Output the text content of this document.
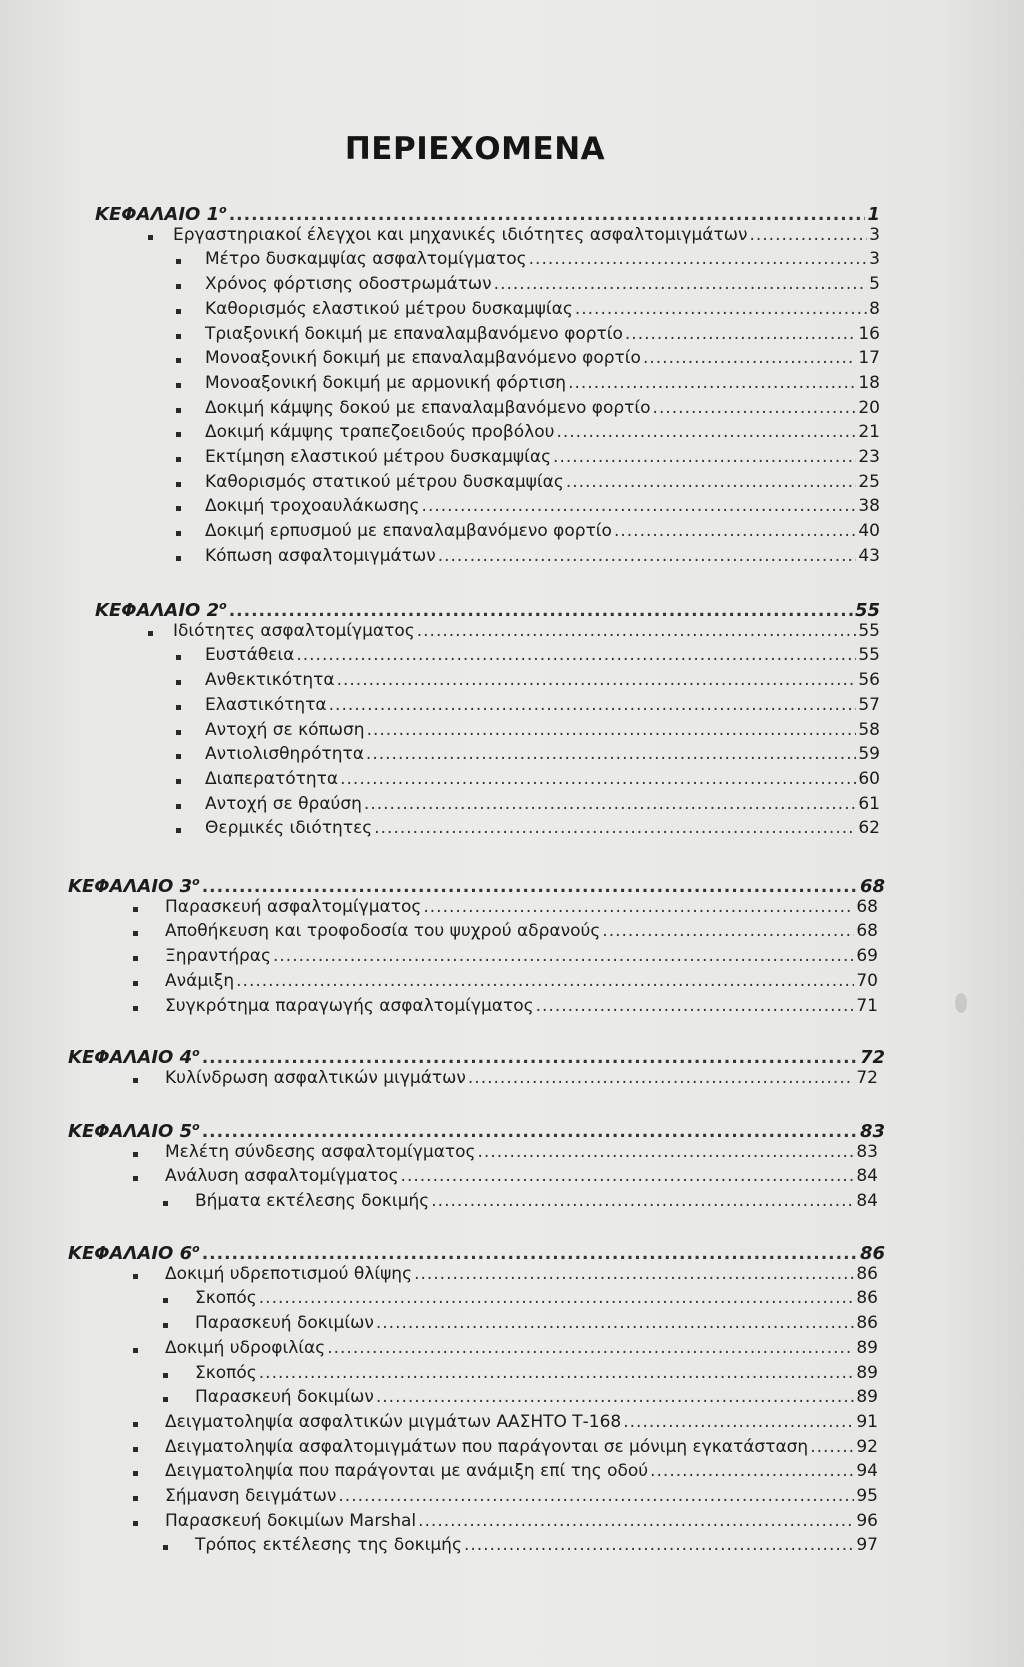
ΠΕΡΙΕΧΟΜΕΝΑ
ΚΕΦΑΛΑΙΟ $1^o$ .....	1
Εργαστηριακοί έλεγχοι και μηχανικές ιδιότητες ασφαλτομιγμάτων .....	3
Μέτρο δυσκαμψίας ασφαλτομίγματος .....	3
Χρόνος φόρτισης οδοστρωμάτων .....	5
Καθορισμός ελαστικού μέτρου δυσκαμψίας .....	8
Τριαξονική δοκιμή με επαναλαμβανόμενο φορτίο .....	16
Μονοαξονική δοκιμή με επαναλαμβανόμενο φορτίο .....	17
Μονοαξονική δοκιμή με αρμονική φόρτιση .....	18
Δοκιμή κάμψης δοκού με επαναλαμβανόμενο φορτίο .....	20
Δοκιμή κάμψης τραπεζοειδούς προβόλου .....	21
Εκτίμηση ελαστικού μέτρου δυσκαμψίας .....	23
Καθορισμός στατικού μέτρου δυσκαμψίας .....	25
Δοκιμή τροχοαυλάκωσης .....	38
Δοκιμή ερπυσμού με επαναλαμβανόμενο φορτίο .....	40
Κόπωση ασφαλτομιγμάτων .....	43
ΚΕΦΑΛΑΙΟ $2^o$ .....	55
Ιδιότητες ασφαλτομίγματος .....	55
Ευστάθεια .....	55
Ανθεκτικότητα .....	56
Ελαστικότητα .....	57
Αντοχή σε κόπωση .....	58
Αντιολισθηρότητα .....	59
Διαπερατότητα .....	60
Αντοχή σε θραύση .....	61
Θερμικές ιδιότητες .....	62
ΚΕΦΑΛΑΙΟ $3^o$ .....	68
Παρασκευή ασφαλτομίγματος .....	68
Αποθήκευση και τροφοδοσία του ψυχρού αδρανούς .....	68
Ξηραντήρας .....	69
Ανάμιξη .....	70
Συγκρότημα παραγωγής ασφαλτομίγματος .....	71
ΚΕΦΑΛΑΙΟ $4^o$ .....	72
Κυλίνδρωση ασφαλτικών μιγμάτων .....	72
ΚΕΦΑΛΑΙΟ $5^o$ .....	83
Μελέτη σύνδεσης ασφαλτομίγματος .....	83
Ανάλυση ασφαλτομίγματος .....	84
Βήματα εκτέλεσης δοκιμής .....	84
ΚΕΦΑΛΑΙΟ $6^o$ .....	86
Δοκιμή υδρεποτισμού θλίψης .....	86
Σκοπός .....	86
Παρασκευή δοκιμίων .....	86
Δοκιμή υδροφιλίας .....	89
Σκοπός .....	89
Παρασκευή δοκιμίων .....	89
Δειγματοληψία ασφαλτικών μιγμάτων ΑΑΣΗΤΟ Τ-168 .....	91
Δειγματοληψία ασφαλτομιγμάτων που παράγονται σε μόνιμη εγκατάσταση .....	92
Δειγματοληψία που παράγονται με ανάμιξη επί της οδού .....	94
Σήμανση δειγμάτων .....	95
Παρασκευή δοκιμίων Marshal .....	96
Τρόπος εκτέλεσης της δοκιμής .....	97
